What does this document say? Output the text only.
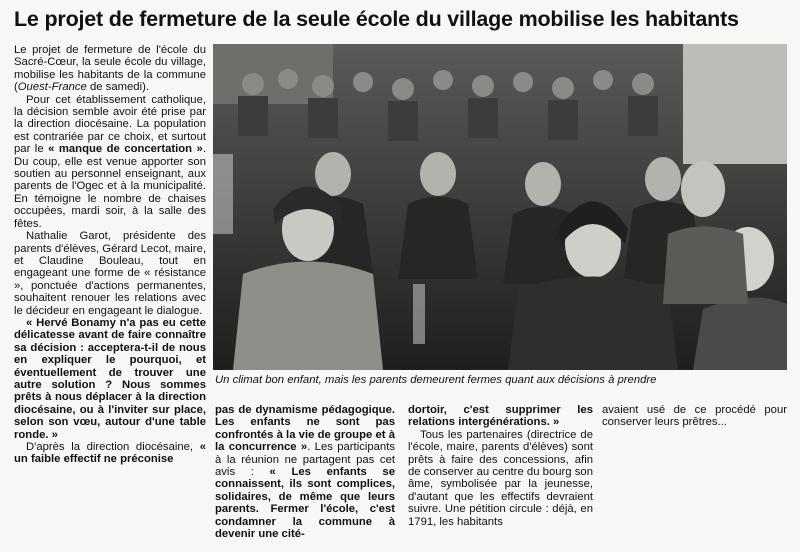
Le projet de fermeture de la seule école du village mobilise les habitants

Le projet de fermeture de l'école du Sacré-Cœur, la seule école du village, mobilise les habitants de la commune (Ouest-France de samedi).

Pour cet établissement catholique, la décision semble avoir été prise par la direction diocésaine. La population est contrariée par ce choix, et surtout par le « manque de concertation ». Du coup, elle est venue apporter son soutien au personnel enseignant, aux parents de l'Ogec et à la municipalité. En témoigne le nombre de chaises occupées, mardi soir, à la salle des fêtes.

Nathalie Garot, présidente des parents d'élèves, Gérard Lecot, maire, et Claudine Bouleau, tout en engageant une forme de « résistance », ponctuée d'actions permanentes, souhaitent renouer les relations avec le décideur en engageant le dialogue.

« Hervé Bonamy n'a pas eu cette délicatesse avant de faire connaître sa décision : acceptera-t-il de nous en expliquer le pourquoi, et éventuellement de trouver une autre solution ? Nous sommes prêts à nous déplacer à la direction diocésaine, ou à l'inviter sur place, selon son vœu, autour d'une table ronde. »

D'après la direction diocésaine, « un faible effectif ne préconise

Un climat bon enfant, mais les parents demeurent fermes quant aux décisions à prendre

pas de dynamisme pédagogique. Les enfants ne sont pas confrontés à la vie de groupe et à la concurrence ». Les participants à la réunion ne partagent pas cet avis : « Les enfants se connaissent, ils sont complices, solidaires, de même que leurs parents. Fermer l'école, c'est condamner la commune à devenir une cité-

dortoir, c'est supprimer les relations intergénérations. »

Tous les partenaires (directrice de l'école, maire, parents d'élèves) sont prêts à faire des concessions, afin de conserver au centre du bourg son âme, symbolisée par la jeunesse, d'autant que les effectifs devraient suivre. Une pétition circule : déjà, en 1791, les habitants

avaient usé de ce procédé pour conserver leurs prêtres...
